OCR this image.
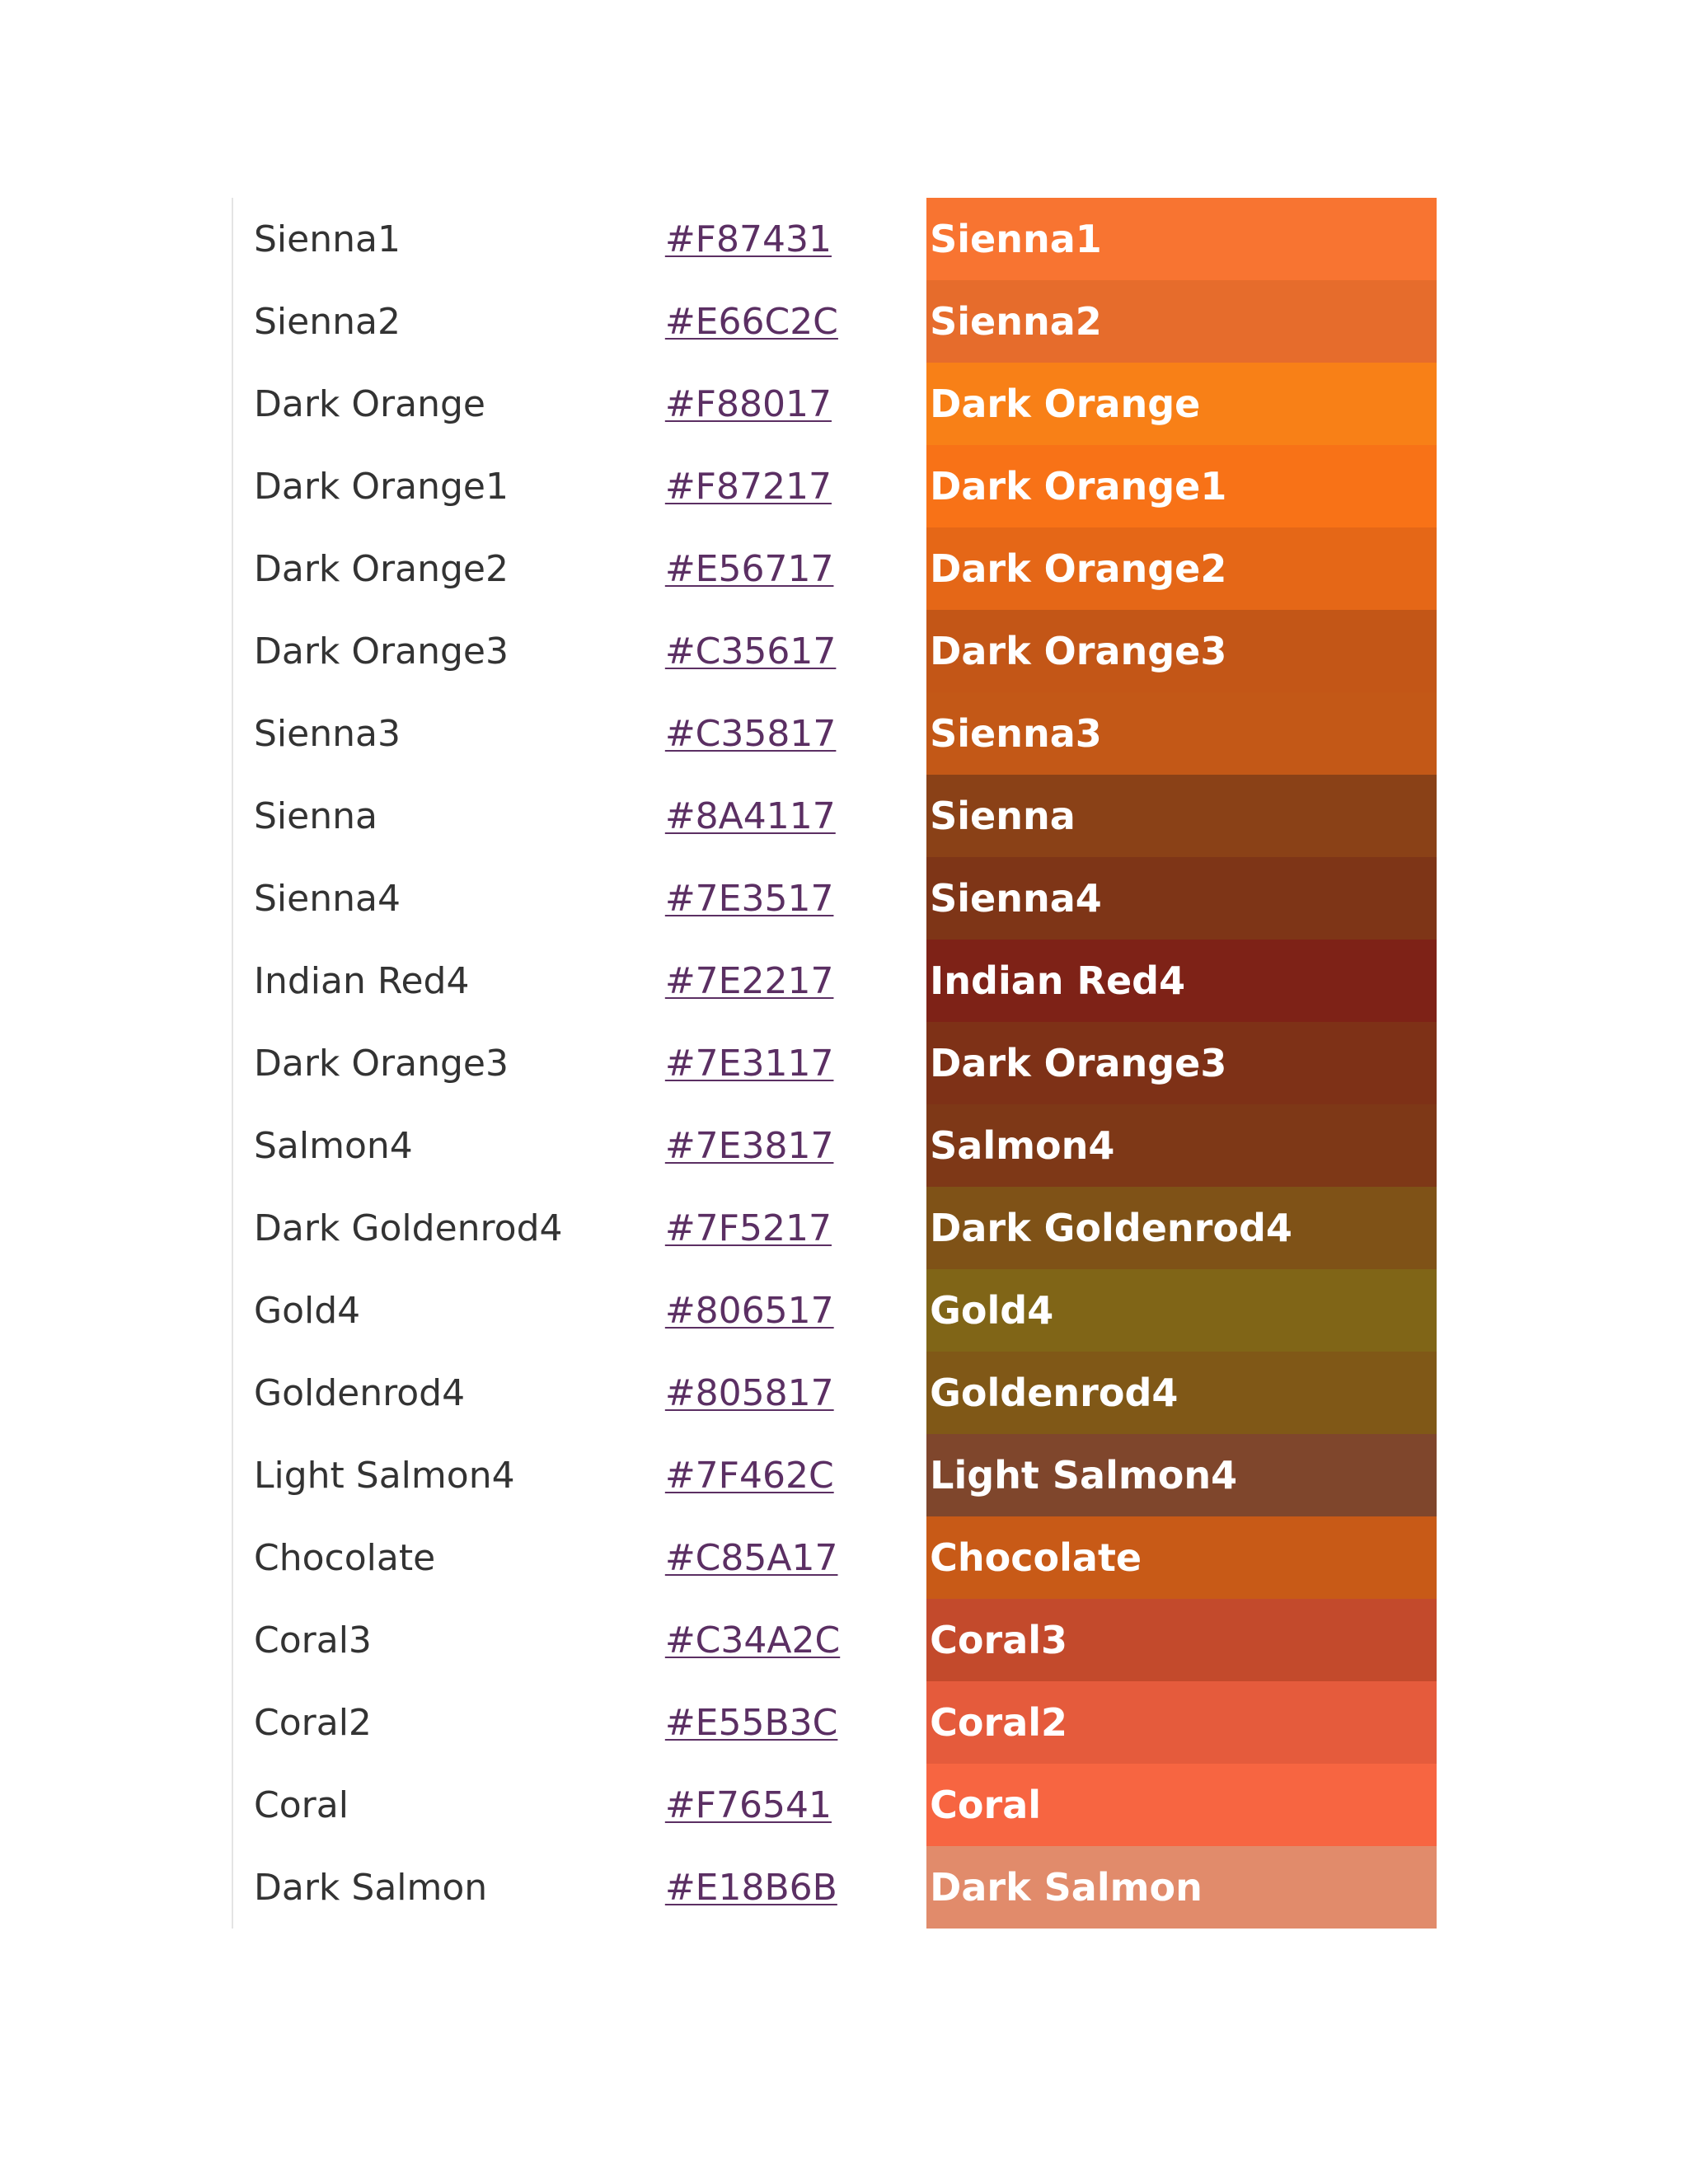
Sienna1	#F87431	Sienna1
Sienna2	#E66C2C Sienna2
Dark Orange	#F88017	Dark Orange
Dark Orange1	#F87217	Dark Orange1
Dark Orange2	#E56717	Dark Orange2
Dark Orange3	#C35617 Dark Orange3
Sienna3	#C35817 Sienna3
Sienna	#8A4117 Sienna
Sienna4	#7E3517	Sienna4
Indian Red4	#7E2217	Indian Red4
Dark Orange3	#7E3117	Dark Orange3
Salmon4	#7E3817	Salmon4
Dark Goldenrod4	#7F5217	Dark Goldenrod4
Gold4	#806517	Gold4
Goldenrod4	#805817	Goldenrod4
Light Salmon4	#7F462C	Light Salmon4
Chocolate	#C85A17 Chocolate
Coral3	#C34A2C Coral3
Coral2	#E55B3C Coral2
Coral	#F76541	Coral
Dark Salmon	#E18B6B Dark Salmon
